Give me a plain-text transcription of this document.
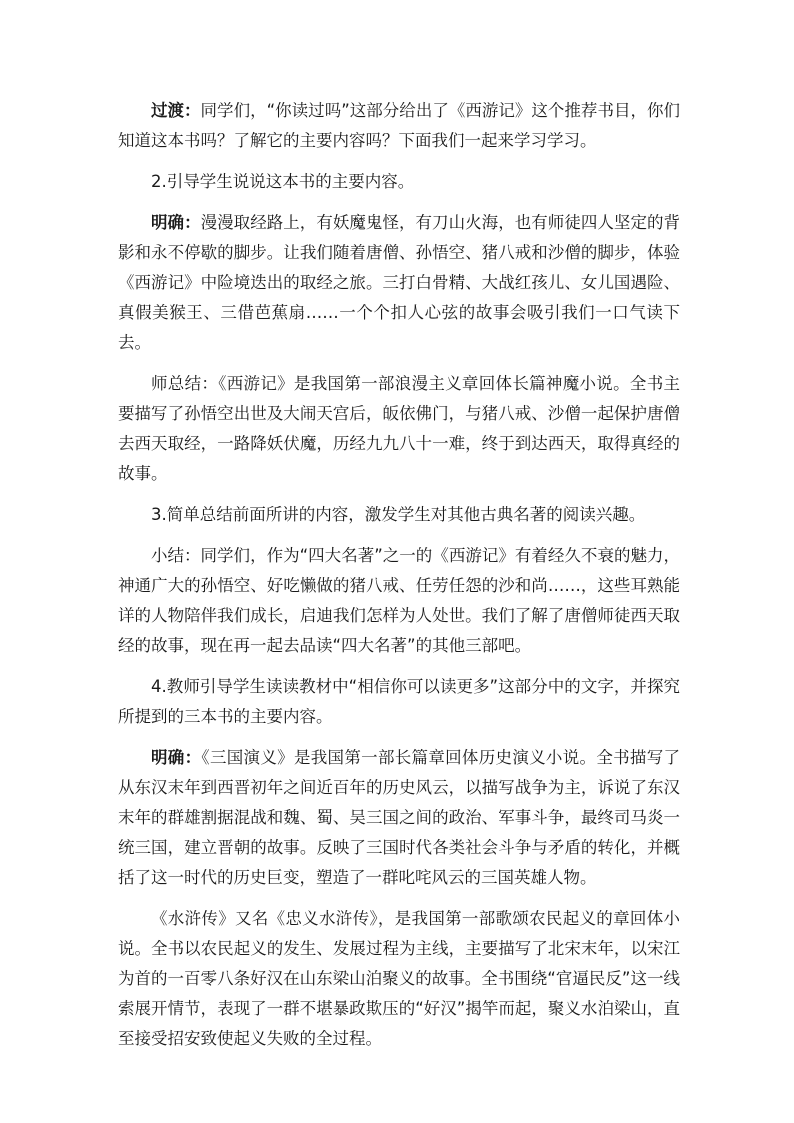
过渡：同学们，“你读过吗”这部分给出了《西游记》这个推荐书目，你们知道这本书吗？了解它的主要内容吗？下面我们一起来学习学习。

2.引导学生说说这本书的主要内容。

明确：漫漫取经路上，有妖魔鬼怪，有刀山火海，也有师徒四人坚定的背影和永不停歇的脚步。让我们随着唐僧、孙悟空、猪八戒和沙僧的脚步，体验《西游记》中险境迭出的取经之旅。三打白骨精、大战红孩儿、女儿国遇险、真假美猴王、三借芭蕉扇……一个个扣人心弦的故事会吸引我们一口气读下去。

师总结：《西游记》是我国第一部浪漫主义章回体长篇神魔小说。全书主要描写了孙悟空出世及大闹天宫后，皈依佛门，与猪八戒、沙僧一起保护唐僧去西天取经，一路降妖伏魔，历经九九八十一难，终于到达西天，取得真经的故事。

3.简单总结前面所讲的内容，激发学生对其他古典名著的阅读兴趣。

小结：同学们，作为“四大名著”之一的《西游记》有着经久不衰的魅力，神通广大的孙悟空、好吃懒做的猪八戒、任劳任怨的沙和尚……，这些耳熟能详的人物陪伴我们成长，启迪我们怎样为人处世。我们了解了唐僧师徒西天取经的故事，现在再一起去品读“四大名著”的其他三部吧。

4.教师引导学生读读教材中“相信你可以读更多”这部分中的文字，并探究所提到的三本书的主要内容。

明确：《三国演义》是我国第一部长篇章回体历史演义小说。全书描写了从东汉末年到西晋初年之间近百年的历史风云，以描写战争为主，诉说了东汉末年的群雄割据混战和魏、蜀、吴三国之间的政治、军事斗争，最终司马炎一统三国，建立晋朝的故事。反映了三国时代各类社会斗争与矛盾的转化，并概括了这一时代的历史巨变，塑造了一群叱咤风云的三国英雄人物。

《水浒传》又名《忠义水浒传》，是我国第一部歌颂农民起义的章回体小说。全书以农民起义的发生、发展过程为主线，主要描写了北宋末年，以宋江为首的一百零八条好汉在山东梁山泊聚义的故事。全书围绕“官逼民反”这一线索展开情节，表现了一群不堪暴政欺压的“好汉”揭竿而起，聚义水泊梁山，直至接受招安致使起义失败的全过程。
